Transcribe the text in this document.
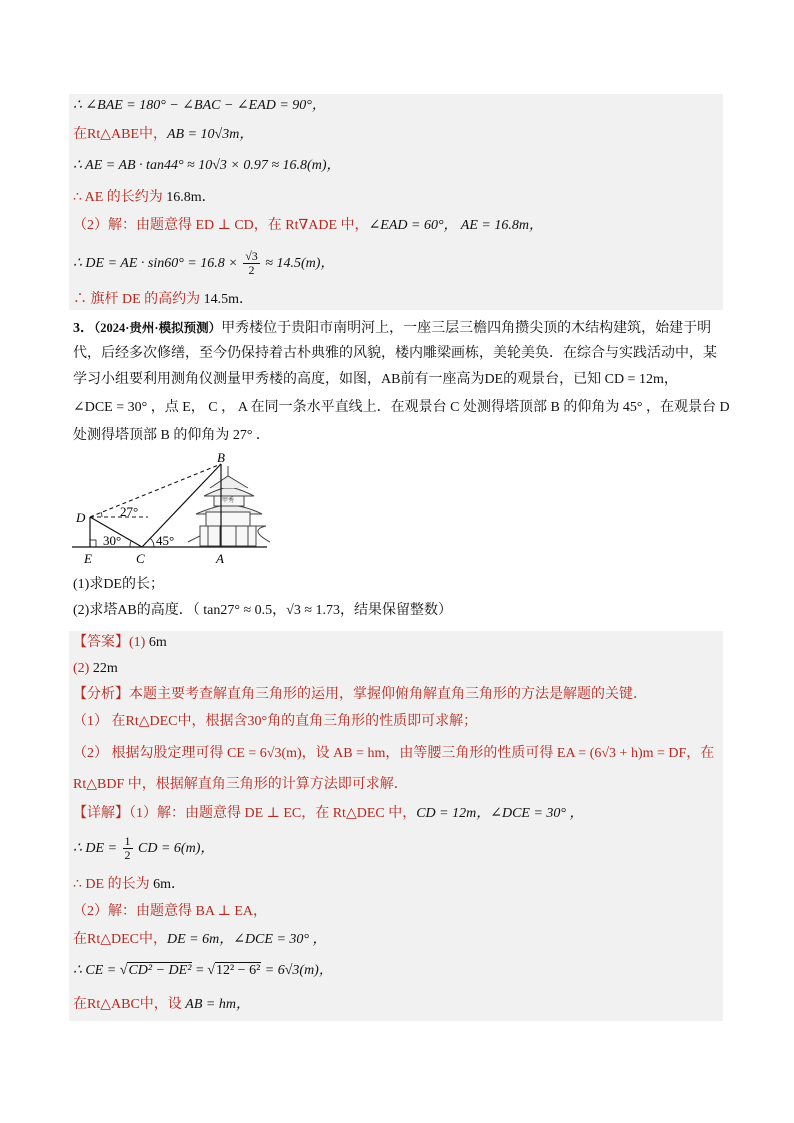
∴ ∠BAE = 180° − ∠BAC − ∠EAD = 90°，
在Rt△ABE中，AB = 10√3m，
∴ AE = AB · tan44° ≈ 10√3 × 0.97 ≈ 16.8(m)，
∴ AE 的长约为 16.8m．
（2）解：由题意得 ED ⊥ CD，在 Rt∇ADE 中，∠EAD = 60°， AE = 16.8m，
∴ DE = AE · $\sin 60^\circ = 16.8 \times \frac{√3}{2} \approx 14.5(m)$，
∴ 旗杆 DE 的高约为 14.5m．
3．（2024·贵州·模拟预测）甲秀楼位于贵阳市南明河上，一座三层三檐四角攒尖顶的木结构建筑，始建于明
代，后经多次修缮，至今仍保持着古朴典雅的风貌，楼内雕梁画栋，美轮美奂．在综合与实践活动中，某
学习小组要利用测角仪测量甲秀楼的高度，如图，AB前有一座高为DE的观景台，已知 CD = 12m，
∠DCE = 30° ，点 E， C ， A 在同一条水平直线上．在观景台 C 处测得塔顶部 B 的仰角为 45° ，在观景台 D
处测得塔顶部 B 的仰角为 27° ．
甲秀
B
D
E	C	A
27°
30°	45°
(1)求DE的长；
(2)求塔AB的高度．（ tan27° ≈ 0.5，√3 ≈ 1.73，结果保留整数）
【答案】(1) 6m
(2) 22m
【分析】本题主要考查解直角三角形的运用，掌握仰俯角解直角三角形的方法是解题的关键．
（1） 在Rt△DEC中，根据含30°角的直角三角形的性质即可求解；
（2） 根据勾股定理可得 CE = 6√3(m)，设 AB = hm，由等腰三角形的性质可得 EA = (6√3 + h)m = DF，在
Rt△BDF 中，根据解直角三角形的计算方法即可求解．
【详解】（1）解：由题意得 DE ⊥ EC，在 Rt△DEC 中，CD = 12m，∠DCE = 30° ，
∴ DE = $\frac{1}{2}$ CD = 6(m)，
∴ DE 的长为 6m．
（2）解：由题意得 BA ⊥ EA，
在Rt△DEC中，DE = 6m，∠DCE = 30° ，
∴ CE = √CD² − DE² = √12² − 6² = 6√3(m)，
在Rt△ABC中，设 AB = hm，
